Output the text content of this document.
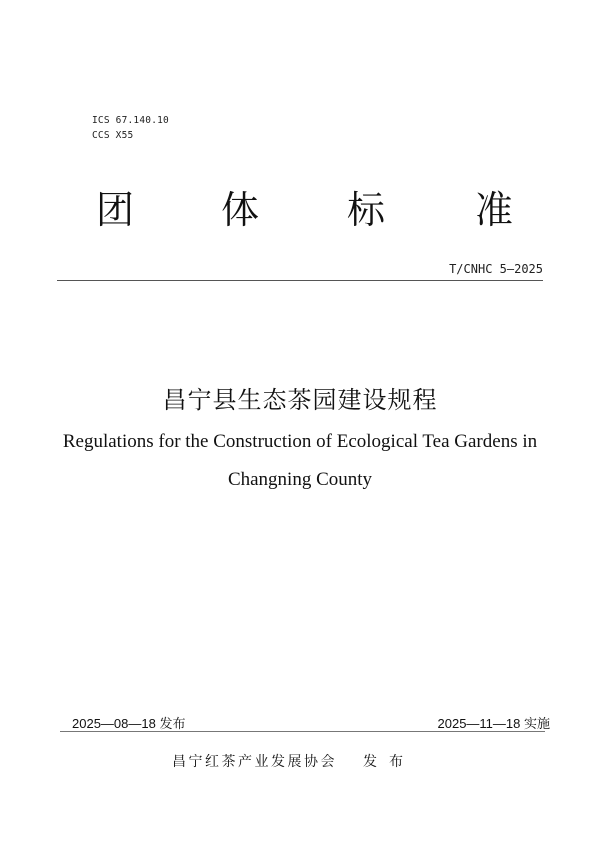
ICS 67.140.10
CCS X55
团 体 标 准
T/CNHC 5—2025
昌宁县生态茶园建设规程
Regulations for the Construction of Ecological Tea Gardens in
Changning County
2025—08—18 发布	2025—11—18 实施
昌宁红茶产业发展协会 发布
